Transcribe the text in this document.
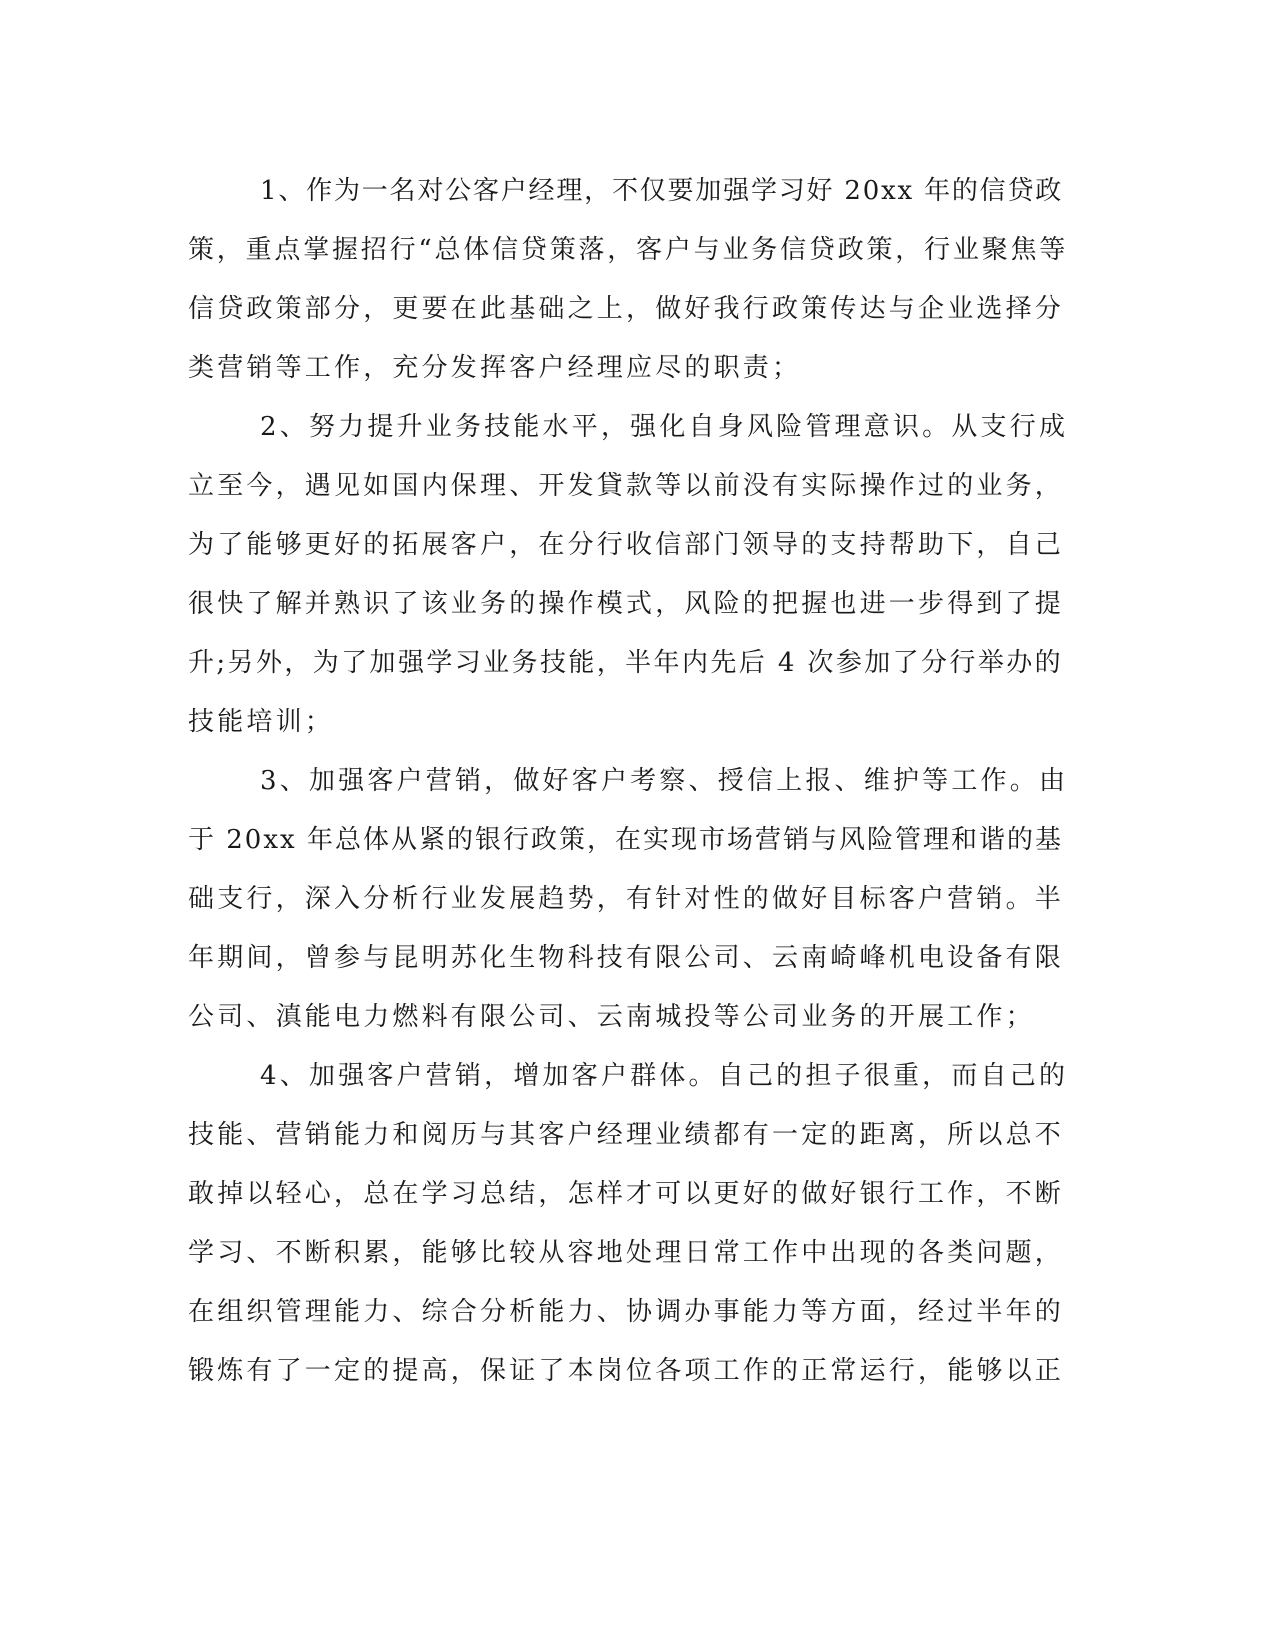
1、作为一名对公客户经理，不仅要加强学习好 20xx 年的信贷政
策，重点掌握招行“总体信贷策落，客户与业务信贷政策，行业聚焦等
信贷政策部分，更要在此基础之上，做好我行政策传达与企业选择分
类营销等工作，充分发挥客户经理应尽的职责；
2、努力提升业务技能水平，强化自身风险管理意识。从支行成
立至今，遇见如国内保理、开发貸款等以前没有实际操作过的业务，
为了能够更好的拓展客户，在分行收信部门领导的支持帮助下，自己
很快了解并熟识了该业务的操作模式，风险的把握也进一步得到了提
升;另外，为了加强学习业务技能，半年内先后 4 次参加了分行举办的
技能培训；
3、加强客户营销，做好客户考察、授信上报、维护等工作。由
于 20xx 年总体从紧的银行政策，在实现市场营销与风险管理和谐的基
础支行，深入分析行业发展趋势，有针对性的做好目标客户营销。半
年期间，曾参与昆明苏化生物科技有限公司、云南崎峰机电设备有限
公司、滇能电力燃料有限公司、云南城投等公司业务的开展工作；
4、加强客户营销，增加客户群体。自己的担子很重，而自己的
技能、营销能力和阅历与其客户经理业绩都有一定的距离，所以总不
敢掉以轻心，总在学习总结，怎样才可以更好的做好银行工作，不断
学习、不断积累，能够比较从容地处理日常工作中出现的各类问题，
在组织管理能力、综合分析能力、协调办事能力等方面，经过半年的
锻炼有了一定的提高，保证了本岗位各项工作的正常运行，能够以正
